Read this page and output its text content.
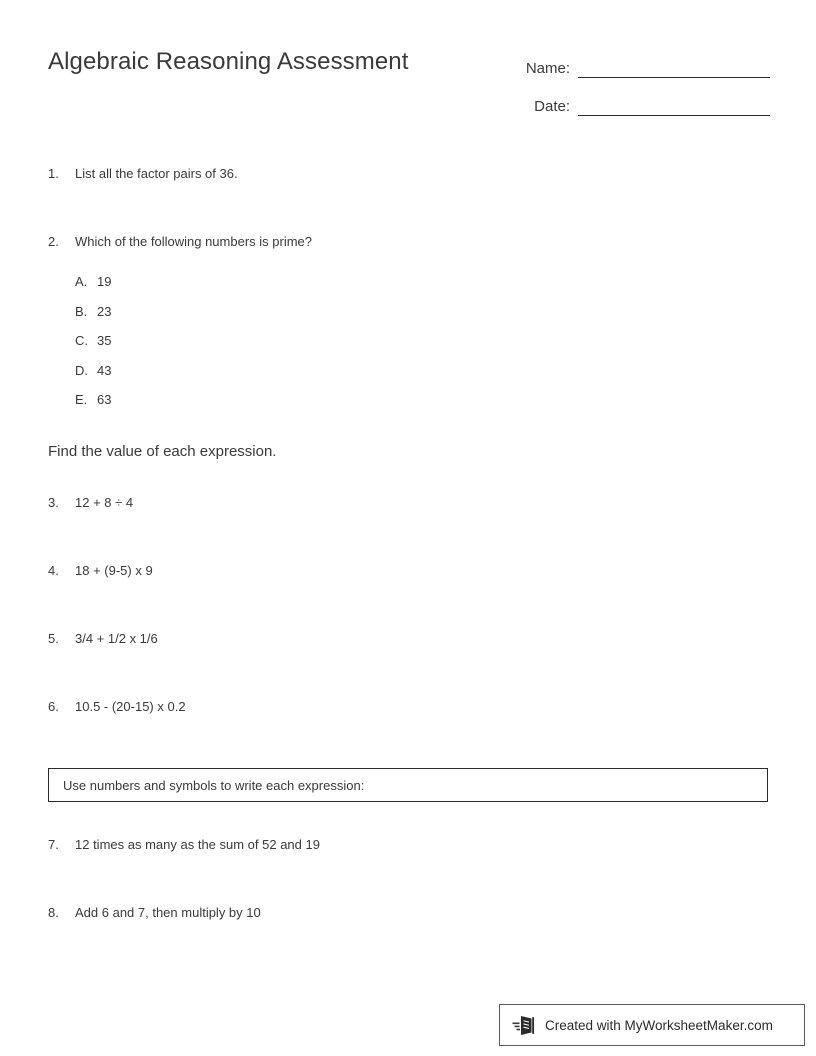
Algebraic Reasoning Assessment	Name:
Date:
1.	List all the factor pairs of 36.
2.	Which of the following numbers is prime?
A. 19
B. 23
C. 35
D. 43
E. 63
Find the value of each expression.
3.	12 + 8 ÷ 4
4.	18 + (9-5) x 9
5.	3/4 + 1/2 x 1/6
6.	10.5 - (20-15) x 0.2
Use numbers and symbols to write each expression:
7.	12 times as many as the sum of 52 and 19
8.	Add 6 and 7, then multiply by 10
Created with MyWorksheetMaker.com
